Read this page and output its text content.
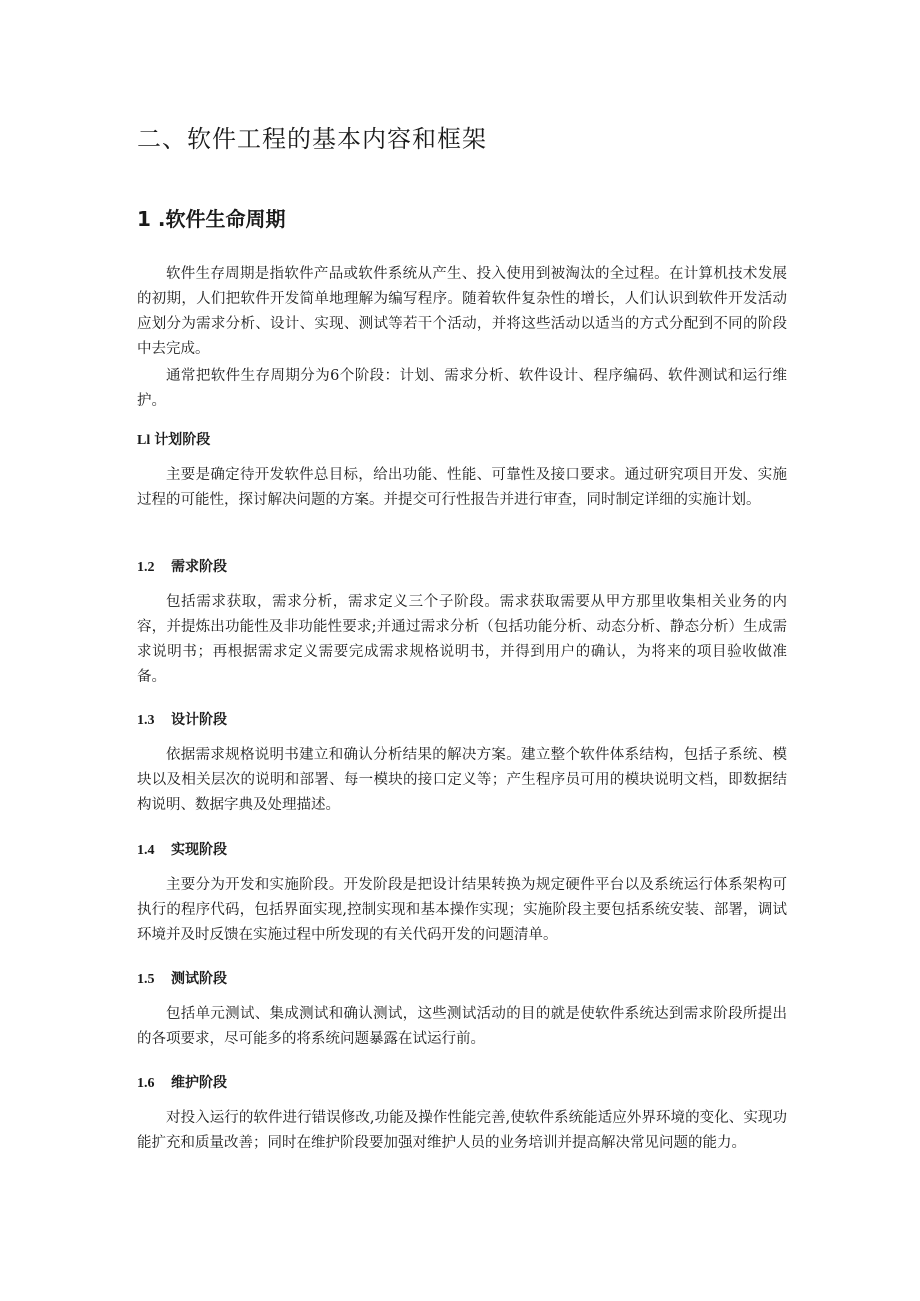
二、软件工程的基本内容和框架
1 .软件生命周期

软件生存周期是指软件产品或软件系统从产生、投入使用到被淘汰的全过程。在计算机技术发展的初期，人们把软件开发简单地理解为编写程序。随着软件复杂性的增长，人们认识到软件开发活动应划分为需求分析、设计、实现、测试等若干个活动，并将这些活动以适当的方式分配到不同的阶段中去完成。

通常把软件生存周期分为6个阶段：计划、需求分析、软件设计、程序编码、软件测试和运行维护。

Ll 计划阶段

主要是确定待开发软件总目标，给出功能、性能、可靠性及接口要求。通过研究项目开发、实施过程的可能性，探讨解决问题的方案。并提交可行性报告并进行审查，同时制定详细的实施计划。

1.2 需求阶段

包括需求获取，需求分析，需求定义三个子阶段。需求获取需要从甲方那里收集相关业务的内容，并提炼出功能性及非功能性要求;并通过需求分析（包括功能分析、动态分析、静态分析）生成需求说明书；再根据需求定义需要完成需求规格说明书，并得到用户的确认，为将来的项目验收做准备。

1.3 设计阶段

依据需求规格说明书建立和确认分析结果的解决方案。建立整个软件体系结构，包括子系统、模块以及相关层次的说明和部署、每一模块的接口定义等；产生程序员可用的模块说明文档，即数据结构说明、数据字典及处理描述。

1.4 实现阶段

主要分为开发和实施阶段。开发阶段是把设计结果转换为规定硬件平台以及系统运行体系架构可执行的程序代码，包括界面实现,控制实现和基本操作实现；实施阶段主要包括系统安装、部署，调试环境并及时反馈在实施过程中所发现的有关代码开发的问题清单。

1.5 测试阶段

包括单元测试、集成测试和确认测试，这些测试活动的目的就是使软件系统达到需求阶段所提出的各项要求，尽可能多的将系统问题暴露在试运行前。

1.6 维护阶段

对投入运行的软件进行错误修改,功能及操作性能完善,使软件系统能适应外界环境的变化、实现功能扩充和质量改善；同时在维护阶段要加强对维护人员的业务培训并提高解决常见问题的能力。
